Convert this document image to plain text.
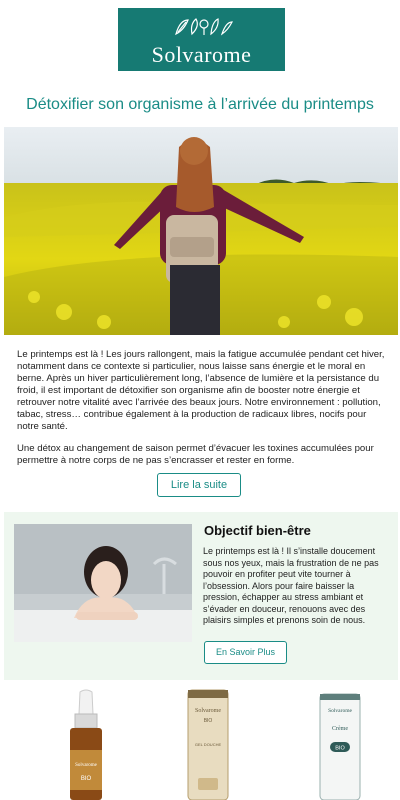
Solvarome
Détoxifier son organisme à l’arrivée du printemps

Le printemps est là ! Les jours rallongent, mais la fatigue accumulée pendant cet hiver, notamment dans ce contexte si particulier, nous laisse sans énergie et le moral en berne. Après un hiver particulièrement long, l’absence de lumière et la persistance du froid, il est important de détoxifier son organisme afin de booster notre énergie et retrouver notre vitalité avec l’arrivée des beaux jours. Notre environnement : pollution, tabac, stress… contribue également à la production de radicaux libres, nocifs pour notre santé.

Une détox au changement de saison permet d’évacuer les toxines accumulées pour permettre à notre corps de ne pas s’encrasser et rester en forme.

Lire la suite
Objectif bien-être
Le printemps est là ! Il s’installe doucement sous nos yeux, mais la frustration de ne pas pouvoir en profiter peut vite tourner à l’obsession. Alors pour faire baisser la pression, échapper au stress ambiant et s’évader en douceur, renouons avec des plaisirs simples et prenons soin de nous.
En Savoir Plus
Solvarome
BIO
Solvarome
BIO
GEL DOUCHE
Solvarome
Crème
BIO
